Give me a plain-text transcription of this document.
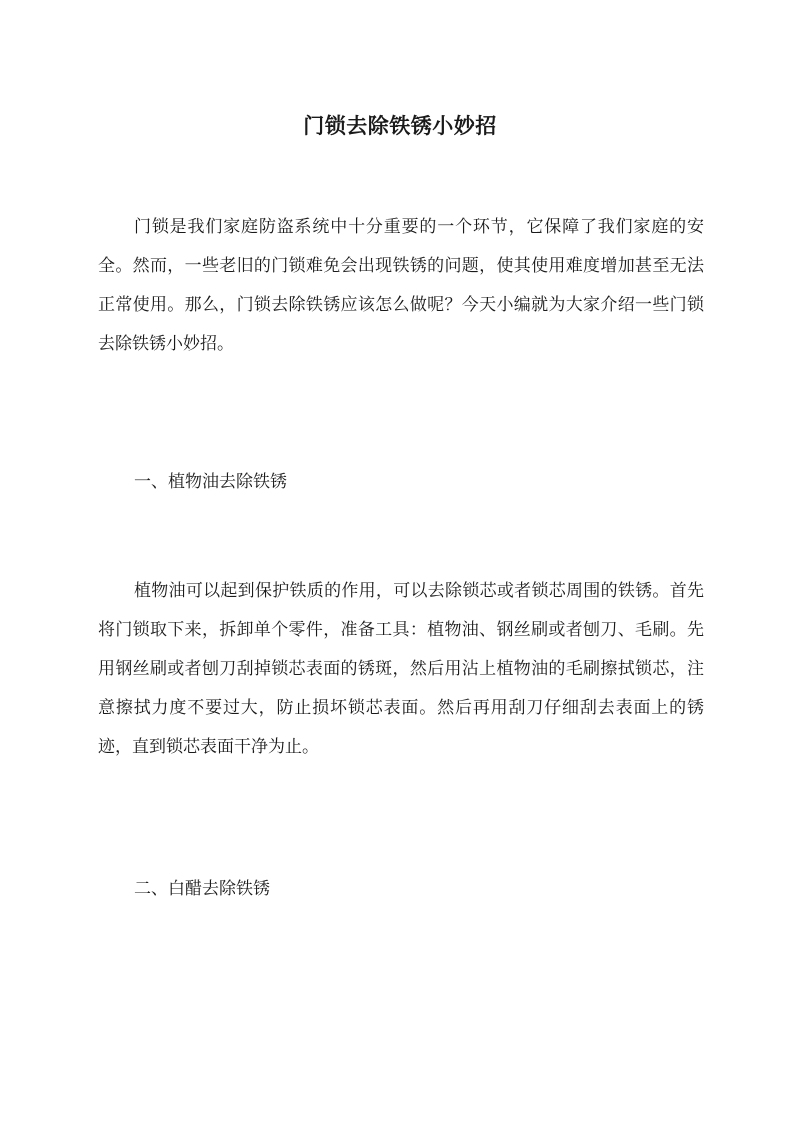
门锁去除铁锈小妙招

门锁是我们家庭防盗系统中十分重要的一个环节，它保障了我们家庭的安全。然而，一些老旧的门锁难免会出现铁锈的问题，使其使用难度增加甚至无法正常使用。那么，门锁去除铁锈应该怎么做呢？今天小编就为大家介绍一些门锁去除铁锈小妙招。

一、植物油去除铁锈

植物油可以起到保护铁质的作用，可以去除锁芯或者锁芯周围的铁锈。首先将门锁取下来，拆卸单个零件，准备工具：植物油、钢丝刷或者刨刀、毛刷。先用钢丝刷或者刨刀刮掉锁芯表面的锈斑，然后用沾上植物油的毛刷擦拭锁芯，注意擦拭力度不要过大，防止损坏锁芯表面。然后再用刮刀仔细刮去表面上的锈迹，直到锁芯表面干净为止。

二、白醋去除铁锈
